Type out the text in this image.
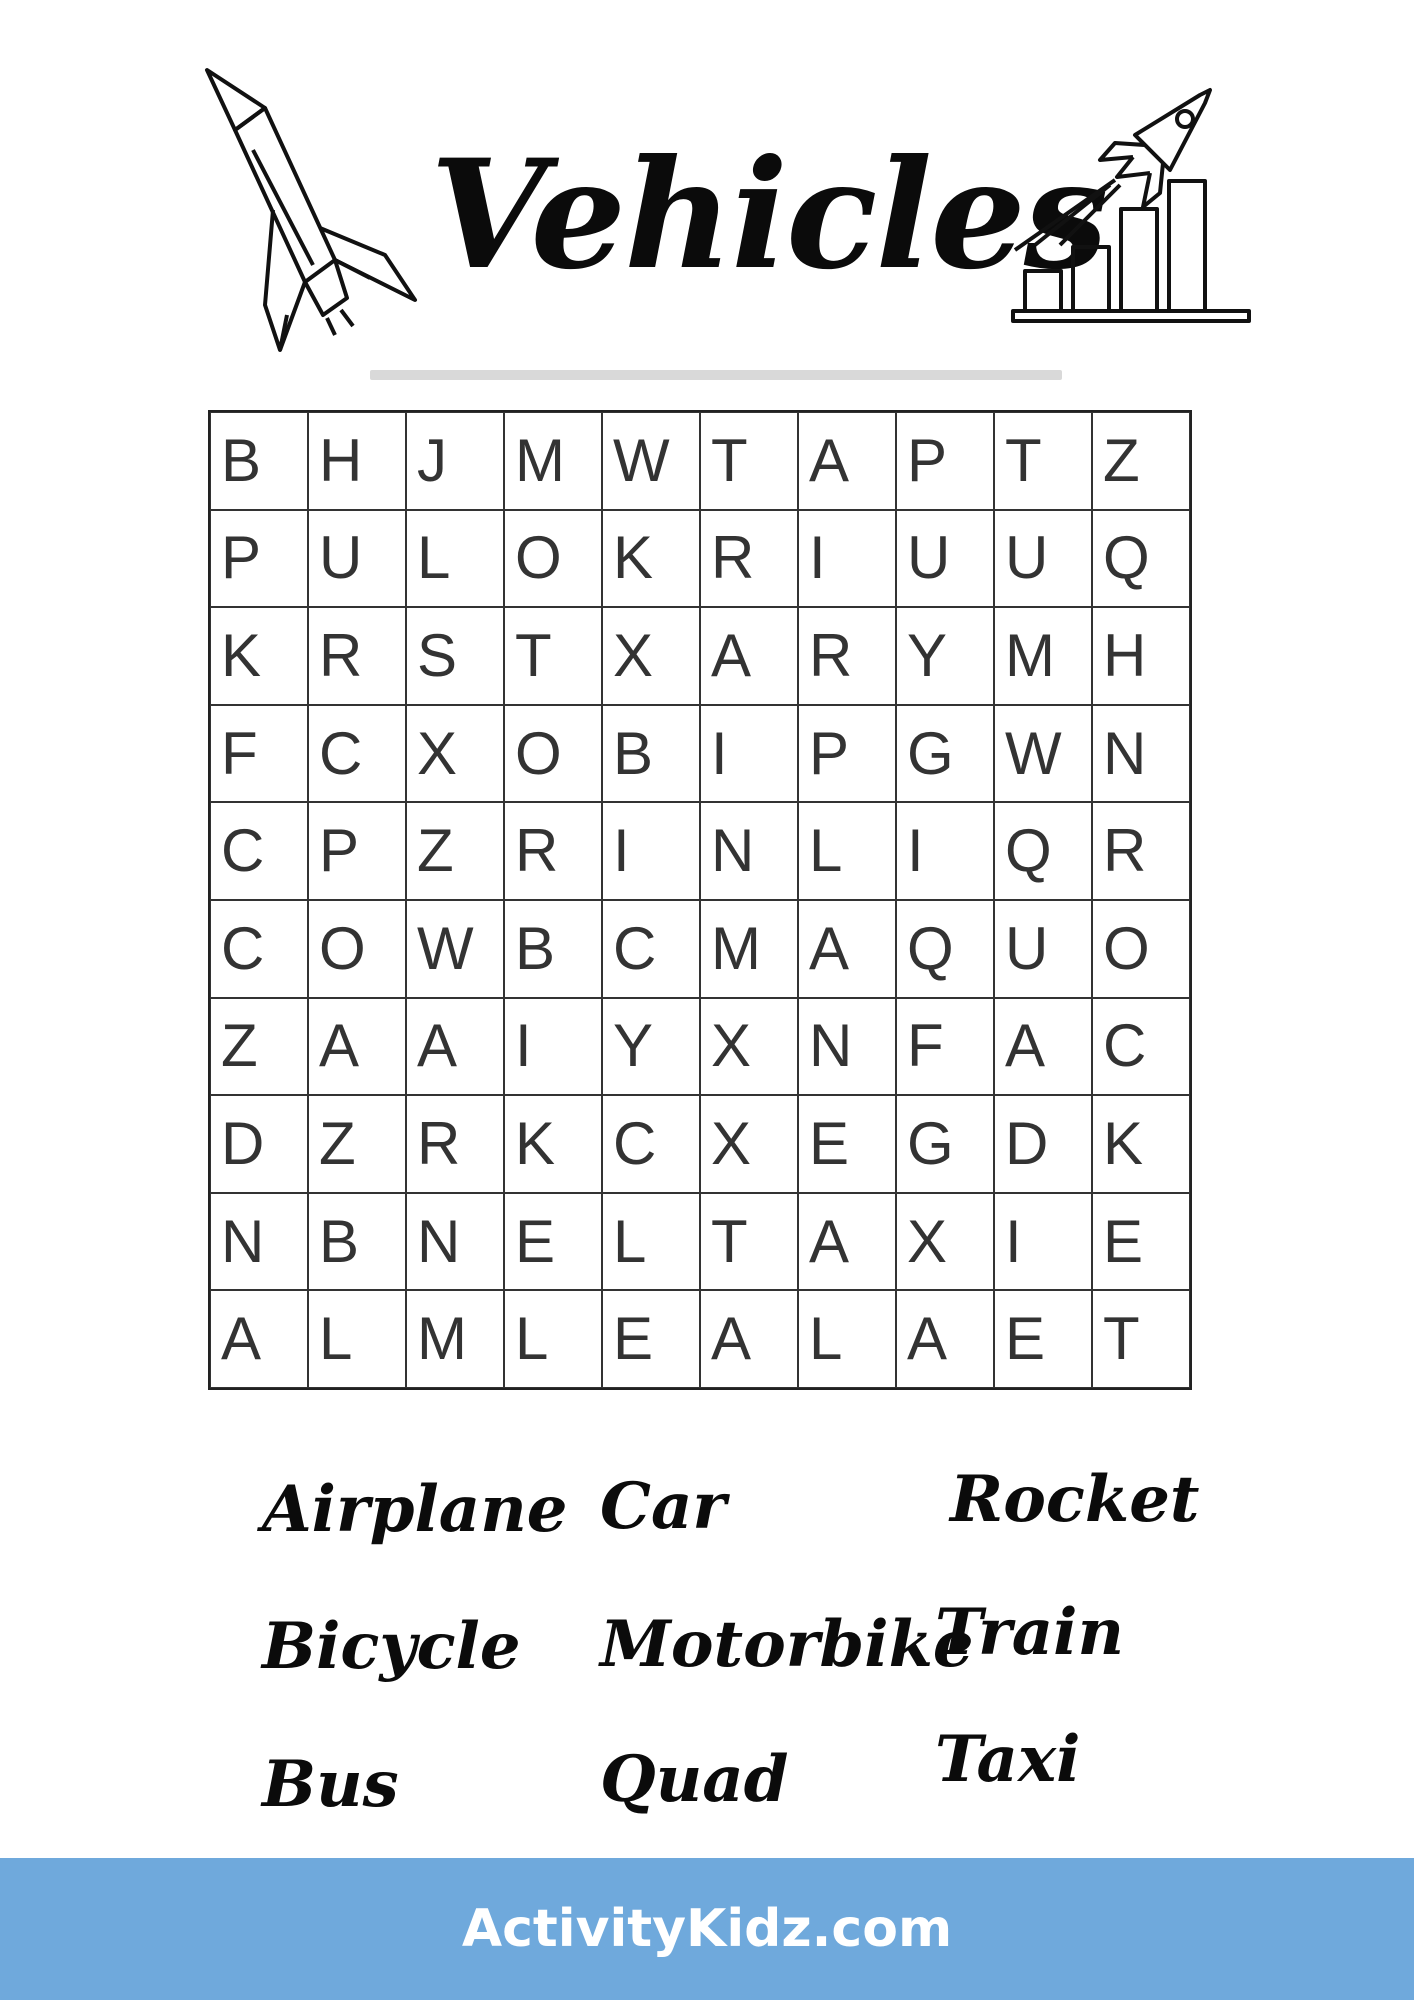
Vehicles
B H J	M W T	A P T	Z
P U L	O K R I	U U Q
K R S T	X A R Y M H
F	C X O B I	P G W N
C P Z	R I	N L	I	Q R
C O W B C M A Q U O
Z	A A I	Y X N F	A C
D Z	R K C X E G D K
N B N E L	T	A X I	E
A L	M L	E A L	A E T
Airplane
Bicycle
Bus
Car
Motorbike
Quad
Rocket
Train
Taxi
ActivityKidz.com
